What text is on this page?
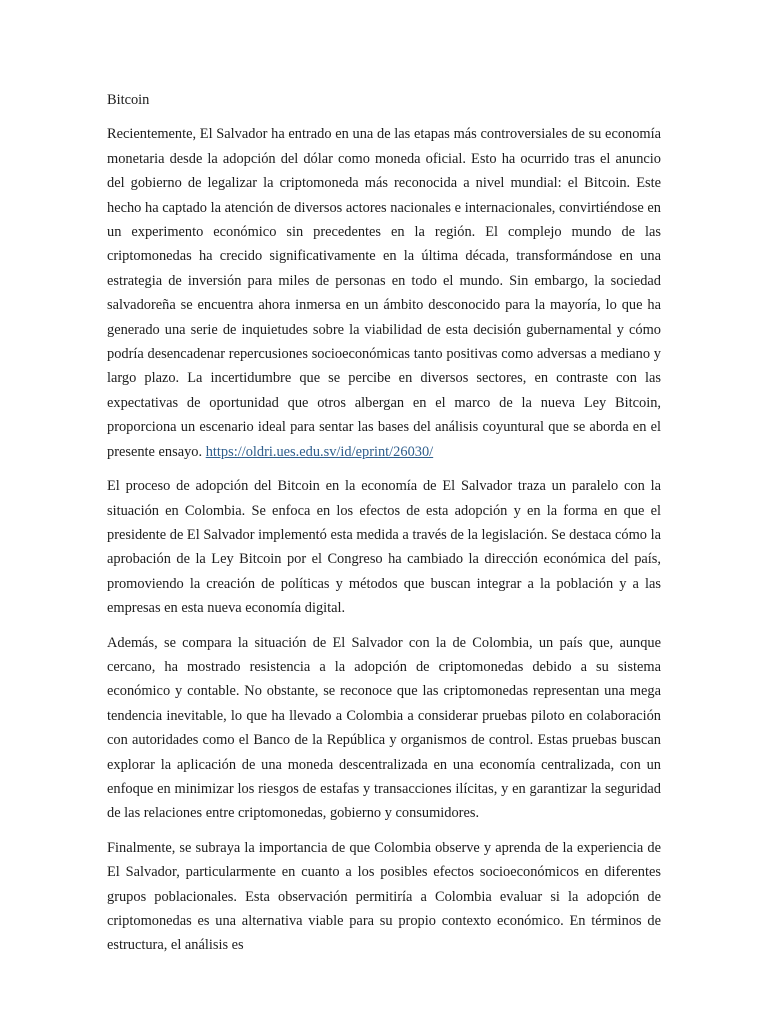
Bitcoin

Recientemente, El Salvador ha entrado en una de las etapas más controversiales de su economía monetaria desde la adopción del dólar como moneda oficial. Esto ha ocurrido tras el anuncio del gobierno de legalizar la criptomoneda más reconocida a nivel mundial: el Bitcoin. Este hecho ha captado la atención de diversos actores nacionales e internacionales, convirtiéndose en un experimento económico sin precedentes en la región. El complejo mundo de las criptomonedas ha crecido significativamente en la última década, transformándose en una estrategia de inversión para miles de personas en todo el mundo. Sin embargo, la sociedad salvadoreña se encuentra ahora inmersa en un ámbito desconocido para la mayoría, lo que ha generado una serie de inquietudes sobre la viabilidad de esta decisión gubernamental y cómo podría desencadenar repercusiones socioeconómicas tanto positivas como adversas a mediano y largo plazo. La incertidumbre que se percibe en diversos sectores, en contraste con las expectativas de oportunidad que otros albergan en el marco de la nueva Ley Bitcoin, proporciona un escenario ideal para sentar las bases del análisis coyuntural que se aborda en el presente ensayo. https://oldri.ues.edu.sv/id/eprint/26030/

El proceso de adopción del Bitcoin en la economía de El Salvador traza un paralelo con la situación en Colombia. Se enfoca en los efectos de esta adopción y en la forma en que el presidente de El Salvador implementó esta medida a través de la legislación. Se destaca cómo la aprobación de la Ley Bitcoin por el Congreso ha cambiado la dirección económica del país, promoviendo la creación de políticas y métodos que buscan integrar a la población y a las empresas en esta nueva economía digital.

Además, se compara la situación de El Salvador con la de Colombia, un país que, aunque cercano, ha mostrado resistencia a la adopción de criptomonedas debido a su sistema económico y contable. No obstante, se reconoce que las criptomonedas representan una mega tendencia inevitable, lo que ha llevado a Colombia a considerar pruebas piloto en colaboración con autoridades como el Banco de la República y organismos de control. Estas pruebas buscan explorar la aplicación de una moneda descentralizada en una economía centralizada, con un enfoque en minimizar los riesgos de estafas y transacciones ilícitas, y en garantizar la seguridad de las relaciones entre criptomonedas, gobierno y consumidores.

Finalmente, se subraya la importancia de que Colombia observe y aprenda de la experiencia de El Salvador, particularmente en cuanto a los posibles efectos socioeconómicos en diferentes grupos poblacionales. Esta observación permitiría a Colombia evaluar si la adopción de criptomonedas es una alternativa viable para su propio contexto económico. En términos de estructura, el análisis es
